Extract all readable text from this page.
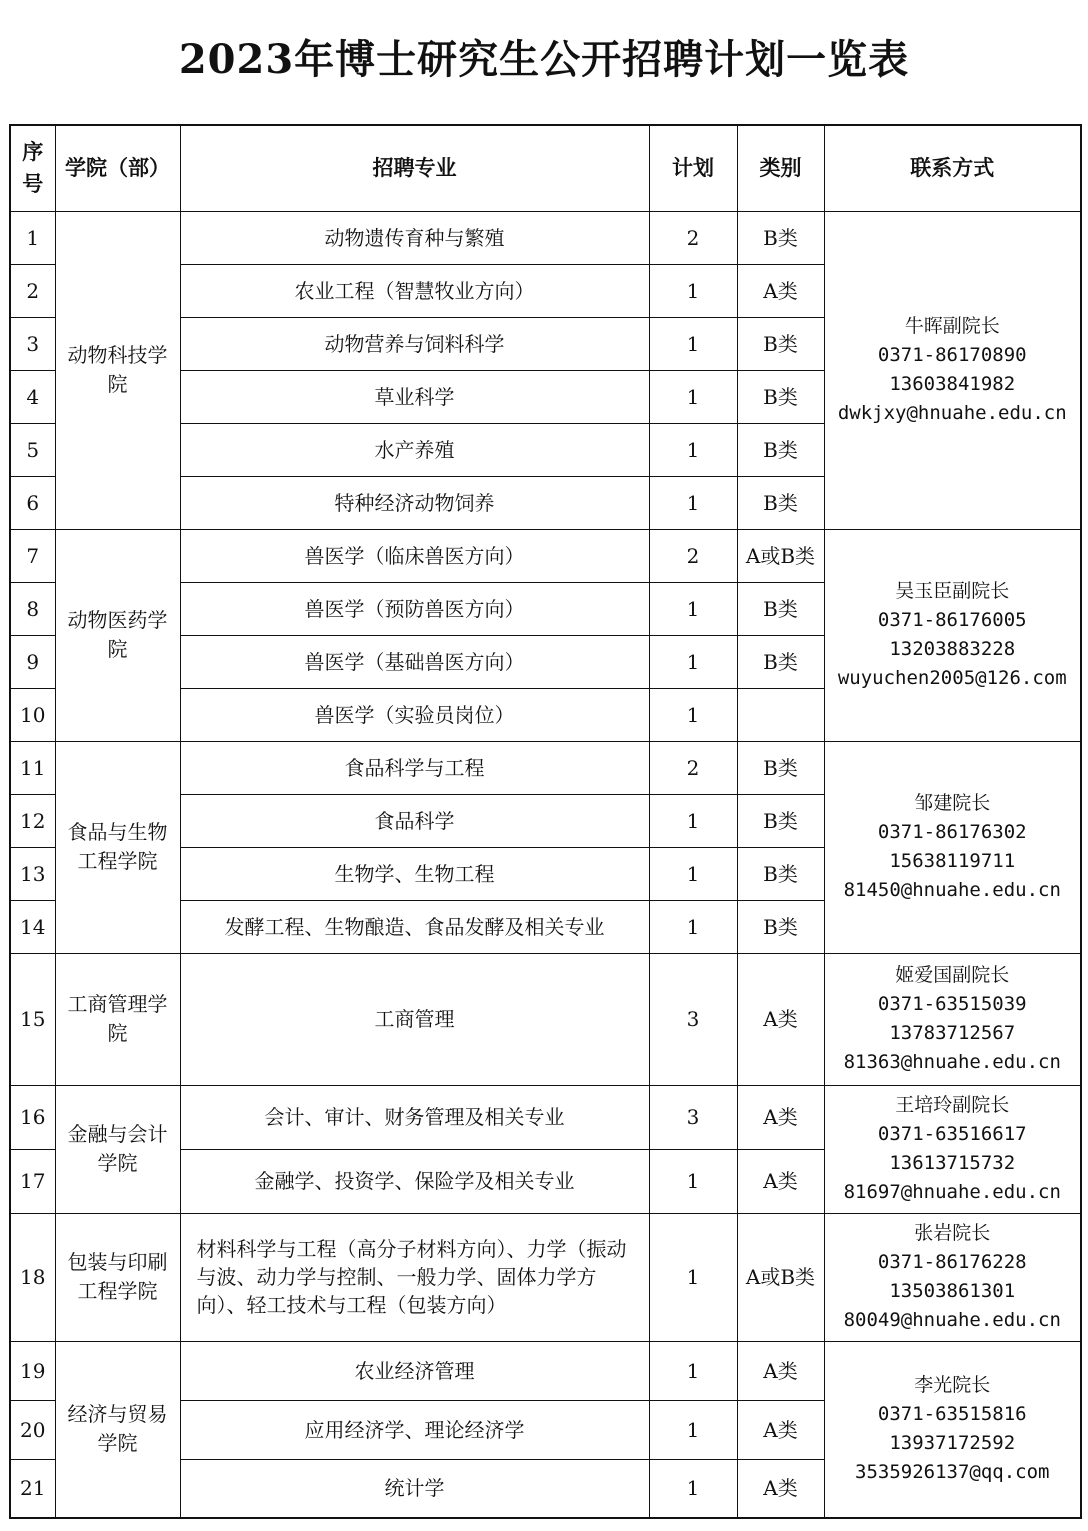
2023年博士研究生公开招聘计划一览表
序号	学院（部）	招聘专业	计划	类别	联系方式
1	动物科技学院	动物遗传育种与繁殖	2	B类	牛晖副院长
0371-86170890
13603841982
dwkjxy@hnuahe.edu.cn

2		农业工程（智慧牧业方向）	1	A类	
3		动物营养与饲料科学	1	B类	
4		草业科学	1	B类	
5		水产养殖	1	B类	
6		特种经济动物饲养	1	B类	
7	动物医药学院	兽医学（临床兽医方向）	2	A或B类	吴玉臣副院长
0371-86176005
13203883228
wuyuchen2005@126.com

8		兽医学（预防兽医方向）	1	B类	
9		兽医学（基础兽医方向）	1	B类	
10		兽医学（实验员岗位）	1		
11	食品与生物工程学院	食品科学与工程	2	B类	邹建院长
0371-86176302
15638119711
81450@hnuahe.edu.cn

12		食品科学	1	B类	
13		生物学、生物工程	1	B类	
14		发酵工程、生物酿造、食品发酵及相关专业	1	B类	
15	工商管理学院	工商管理	3	A类	姬爱国副院长
0371-63515039
13783712567
81363@hnuahe.edu.cn

16	金融与会计学院	会计、审计、财务管理及相关专业	3	A类	王培玲副院长
0371-63516617
13613715732
81697@hnuahe.edu.cn

17		金融学、投资学、保险学及相关专业	1	A类	
18	包装与印刷工程学院	材料科学与工程（高分子材料方向）、力学（振动与波、动力学与控制、一般力学、固体力学方向）、轻工技术与工程（包装方向）	1	A或B类	张岩院长
0371-86176228
13503861301
80049@hnuahe.edu.cn

19	经济与贸易学院	农业经济管理	1	A类	李光院长
0371-63515816
13937172592
3535926137@qq.com

20		应用经济学、理论经济学	1	A类	
21		统计学	1	A类	
